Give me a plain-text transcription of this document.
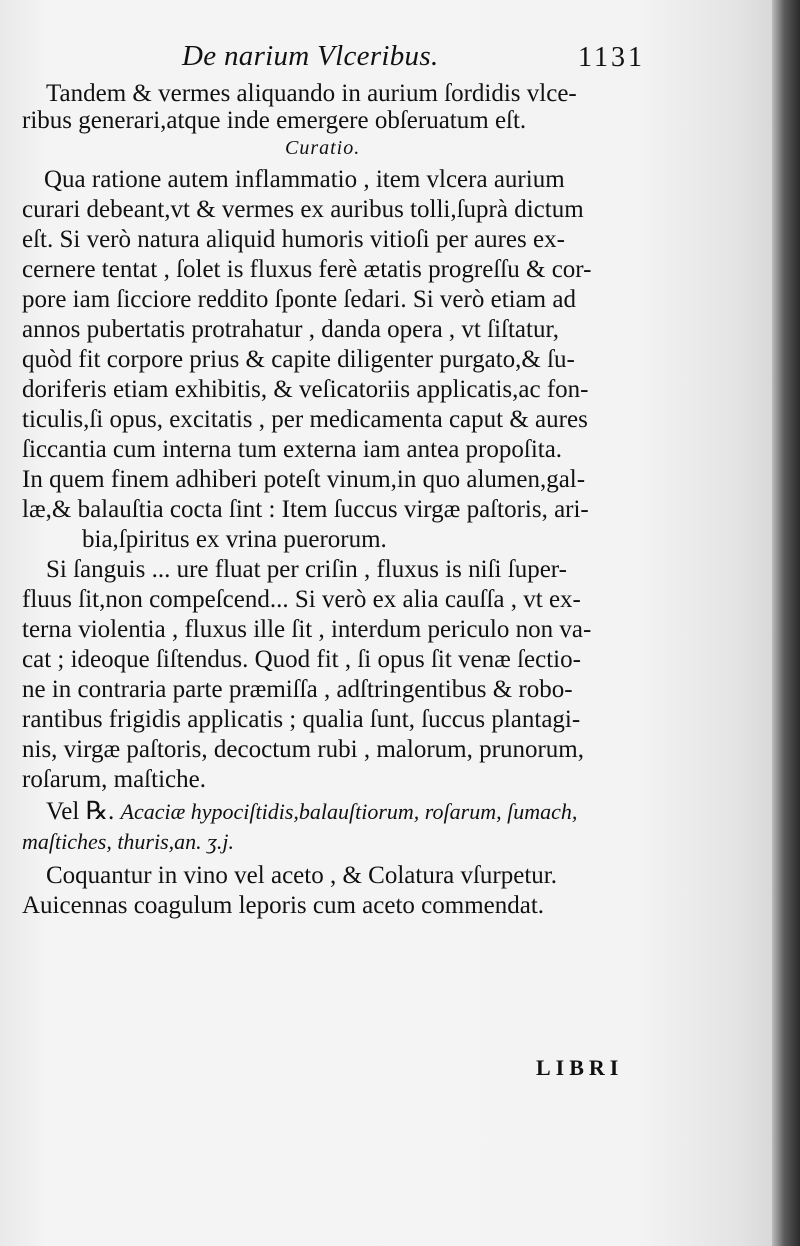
De narium Vlceribus.	1131
Tandem & vermes aliquando in aurium ſordidis vlce-
ribus generari,atque inde emergere obſeruatum eſt.
Curatio.
Qua ratione autem inflammatio , item vlcera aurium
curari debeant,vt & vermes ex auribus tolli,ſuprà dictum
eſt. Si verò natura aliquid humoris vitioſi per aures ex-
cernere tentat , ſolet is fluxus ferè ætatis progreſſu & cor-
pore iam ſicciore reddito ſponte ſedari. Si verò etiam ad
annos pubertatis protrahatur , danda opera , vt ſiſtatur,
quòd fit corpore prius & capite diligenter purgato,& ſu-
doriferis etiam exhibitis, & veſicatoriis applicatis,ac fon-
ticulis,ſi opus, excitatis , per medicamenta caput & aures
ſiccantia cum interna tum externa iam antea propoſita.
In quem finem adhiberi poteſt vinum,in quo alumen,gal-
læ,& balauſtia cocta ſint : Item ſuccus virgæ paſtoris, ari-
bia,ſpiritus ex vrina puerorum.
Si ſanguis ... ure fluat per criſin , fluxus is niſi ſuper-
fluus ſit,non compeſcend... Si verò ex alia cauſſa , vt ex-
terna violentia , fluxus ille ſit , interdum periculo non va-
cat ; ideoque ſiſtendus. Quod fit , ſi opus ſit venæ ſectio-
ne in contraria parte præmiſſa , adſtringentibus & robo-
rantibus frigidis applicatis ; qualia ſunt, ſuccus plantagi-
nis, virgæ paſtoris, decoctum rubi , malorum, prunorum,
roſarum, maſtiche.
Vel ℞. Acaciæ hypociſtidis,balauſtiorum, roſarum, ſumach,
maſtiches, thuris,an. ʒ.j.
Coquantur in vino vel aceto , & Colatura vſurpetur.
Auicennas coagulum leporis cum aceto commendat.
LIBRI
